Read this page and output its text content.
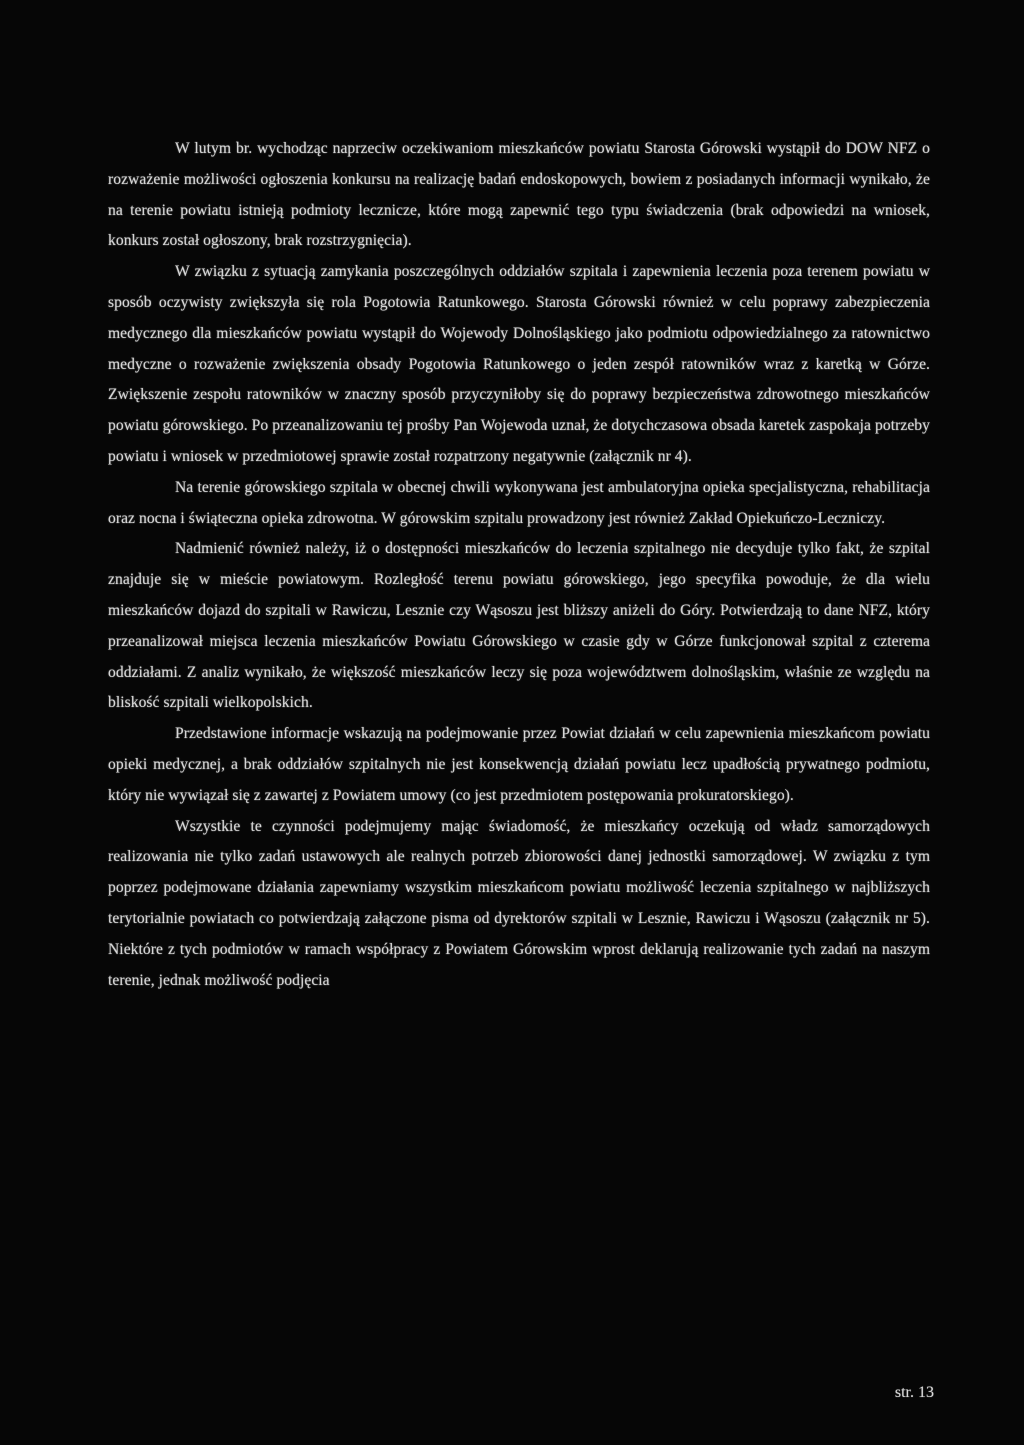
W lutym br. wychodząc naprzeciw oczekiwaniom mieszkańców powiatu Starosta Górowski wystąpił do DOW NFZ o rozważenie możliwości ogłoszenia konkursu na realizację badań endoskopowych, bowiem z posiadanych informacji wynikało, że na terenie powiatu istnieją podmioty lecznicze, które mogą zapewnić tego typu świadczenia (brak odpowiedzi na wniosek, konkurs został ogłoszony, brak rozstrzygnięcia).

W związku z sytuacją zamykania poszczególnych oddziałów szpitala i zapewnienia leczenia poza terenem powiatu w sposób oczywisty zwiększyła się rola Pogotowia Ratunkowego. Starosta Górowski również w celu poprawy zabezpieczenia medycznego dla mieszkańców powiatu wystąpił do Wojewody Dolnośląskiego jako podmiotu odpowiedzialnego za ratownictwo medyczne o rozważenie zwiększenia obsady Pogotowia Ratunkowego o jeden zespół ratowników wraz z karetką w Górze. Zwiększenie zespołu ratowników w znaczny sposób przyczyniłoby się do poprawy bezpieczeństwa zdrowotnego mieszkańców powiatu górowskiego. Po przeanalizowaniu tej prośby Pan Wojewoda uznał, że dotychczasowa obsada karetek zaspokaja potrzeby powiatu i wniosek w przedmiotowej sprawie został rozpatrzony negatywnie (załącznik nr 4).

Na terenie górowskiego szpitala w obecnej chwili wykonywana jest ambulatoryjna opieka specjalistyczna, rehabilitacja oraz nocna i świąteczna opieka zdrowotna. W górowskim szpitalu prowadzony jest również Zakład Opiekuńczo-Leczniczy.

Nadmienić również należy, iż o dostępności mieszkańców do leczenia szpitalnego nie decyduje tylko fakt, że szpital znajduje się w mieście powiatowym. Rozległość terenu powiatu górowskiego, jego specyfika powoduje, że dla wielu mieszkańców dojazd do szpitali w Rawiczu, Lesznie czy Wąsoszu jest bliższy aniżeli do Góry. Potwierdzają to dane NFZ, który przeanalizował miejsca leczenia mieszkańców Powiatu Górowskiego w czasie gdy w Górze funkcjonował szpital z czterema oddziałami. Z analiz wynikało, że większość mieszkańców leczy się poza województwem dolnośląskim, właśnie ze względu na bliskość szpitali wielkopolskich.

Przedstawione informacje wskazują na podejmowanie przez Powiat działań w celu zapewnienia mieszkańcom powiatu opieki medycznej, a brak oddziałów szpitalnych nie jest konsekwencją działań powiatu lecz upadłością prywatnego podmiotu, który nie wywiązał się z zawartej z Powiatem umowy (co jest przedmiotem postępowania prokuratorskiego).

Wszystkie te czynności podejmujemy mając świadomość, że mieszkańcy oczekują od władz samorządowych realizowania nie tylko zadań ustawowych ale realnych potrzeb zbiorowości danej jednostki samorządowej. W związku z tym poprzez podejmowane działania zapewniamy wszystkim mieszkańcom powiatu możliwość leczenia szpitalnego w najbliższych terytorialnie powiatach co potwierdzają załączone pisma od dyrektorów szpitali w Lesznie, Rawiczu i Wąsoszu (załącznik nr 5). Niektóre z tych podmiotów w ramach współpracy z Powiatem Górowskim wprost deklarują realizowanie tych zadań na naszym terenie, jednak możliwość podjęcia

str. 13
